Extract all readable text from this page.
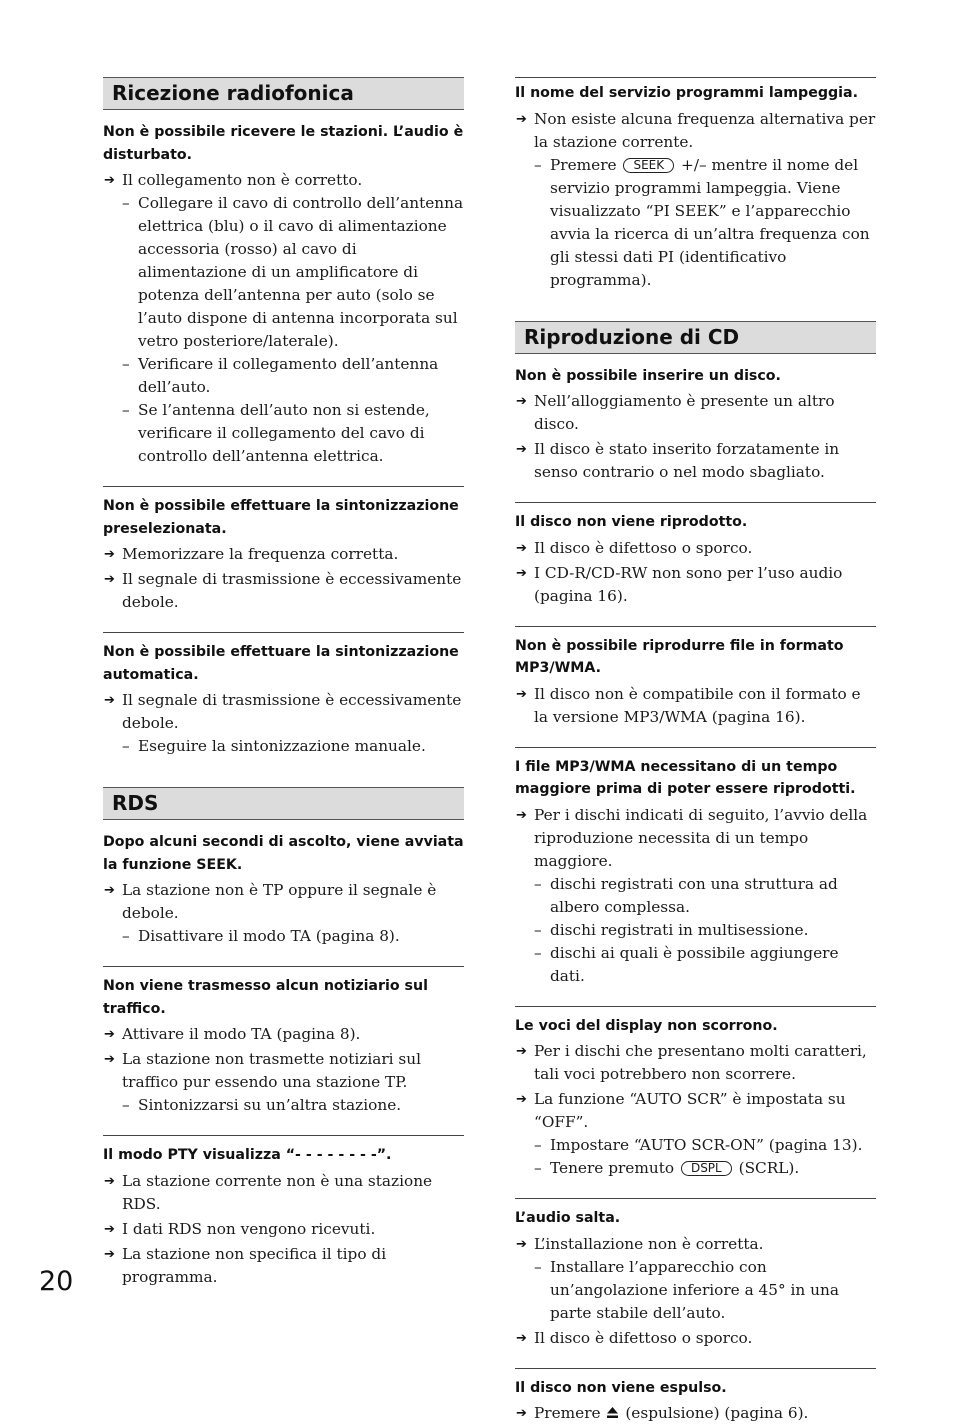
Ricezione radiofonica

Non è possibile ricevere le stazioni. L’audio è disturbato.

➔ Il collegamento non è corretto.
– Collegare il cavo di controllo dell’antenna elettrica (blu) o il cavo di alimentazione accessoria (rosso) al cavo di alimentazione di un amplificatore di potenza dell’antenna per auto (solo se l’auto dispone di antenna incorporata sul vetro posteriore/laterale).
– Verificare il collegamento dell’antenna dell’auto.
– Se l’antenna dell’auto non si estende, verificare il collegamento del cavo di controllo dell’antenna elettrica.

Non è possibile effettuare la sintonizzazione preselezionata.

➔ Memorizzare la frequenza corretta.
➔ Il segnale di trasmissione è eccessivamente debole.

Non è possibile effettuare la sintonizzazione automatica.

➔ Il segnale di trasmissione è eccessivamente debole.
– Eseguire la sintonizzazione manuale.
RDS

Dopo alcuni secondi di ascolto, viene avviata la funzione SEEK.

➔ La stazione non è TP oppure il segnale è debole.
– Disattivare il modo TA (pagina 8).

Non viene trasmesso alcun notiziario sul traffico.

➔ Attivare il modo TA (pagina 8).
➔ La stazione non trasmette notiziari sul traffico pur essendo una stazione TP.
– Sintonizzarsi su un’altra stazione.

Il modo PTY visualizza “- - - - - - - -”.

➔ La stazione corrente non è una stazione RDS.
➔ I dati RDS non vengono ricevuti.
➔ La stazione non specifica il tipo di programma.

Il nome del servizio programmi lampeggia.

➔ Non esiste alcuna frequenza alternativa per la stazione corrente.
– Premere SEEK +/– mentre il nome del servizio programmi lampeggia. Viene visualizzato “PI SEEK” e l’apparecchio avvia la ricerca di un’altra frequenza con gli stessi dati PI (identificativo programma).
Riproduzione di CD

Non è possibile inserire un disco.

➔ Nell’alloggiamento è presente un altro disco.
➔ Il disco è stato inserito forzatamente in senso contrario o nel modo sbagliato.

Il disco non viene riprodotto.

➔ Il disco è difettoso o sporco.
➔ I CD-R/CD-RW non sono per l’uso audio (pagina 16).

Non è possibile riprodurre file in formato MP3/WMA.

➔ Il disco non è compatibile con il formato e la versione MP3/WMA (pagina 16).

I file MP3/WMA necessitano di un tempo maggiore prima di poter essere riprodotti.

➔ Per i dischi indicati di seguito, l’avvio della riproduzione necessita di un tempo maggiore.
– dischi registrati con una struttura ad albero complessa.
– dischi registrati in multisessione.
– dischi ai quali è possibile aggiungere dati.

Le voci del display non scorrono.

➔ Per i dischi che presentano molti caratteri, tali voci potrebbero non scorrere.
➔ La funzione “AUTO SCR” è impostata su “OFF”.
– Impostare “AUTO SCR-ON” (pagina 13).
– Tenere premuto DSPL (SCRL).

L’audio salta.

➔ L’installazione non è corretta.
– Installare l’apparecchio con un’angolazione inferiore a 45° in una parte stabile dell’auto.
➔ Il disco è difettoso o sporco.

Il disco non viene espulso.

➔ Premere (espulsione) (pagina 6).
20
